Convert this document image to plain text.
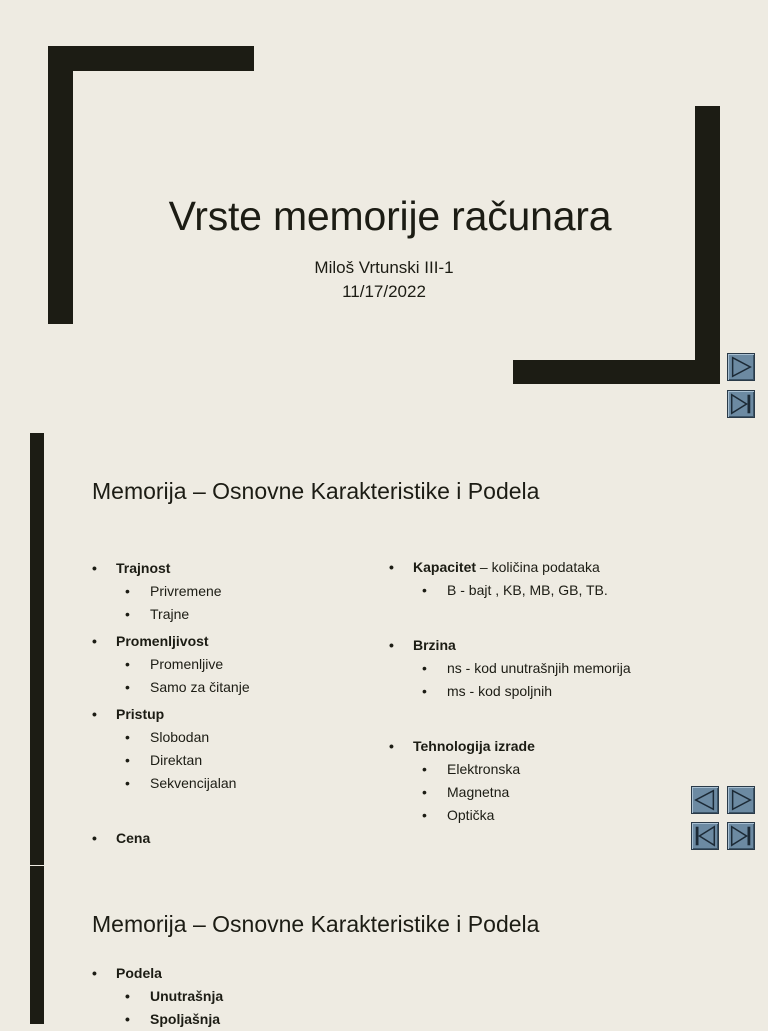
Vrste memorije računara
Miloš Vrtunski III-1
11/17/2022
Memorija – Osnovne Karakteristike i Podela
• Trajnost
• Privremene
• Trajne
• Promenljivost
• Promenljive
• Samo za čitanje
• Pristup
• Slobodan
• Direktan
• Sekvencijalan
• Cena
• Kapacitet – količina podataka
• B - bajt , KB, MB, GB, TB.
• Brzina
• ns - kod unutrašnjih memorija
• ms - kod spoljnih
• Tehnologija izrade
• Elektronska
• Magnetna
• Optička
Memorija – Osnovne Karakteristike i Podela
• Podela
• Unutrašnja
• Spoljašnja
